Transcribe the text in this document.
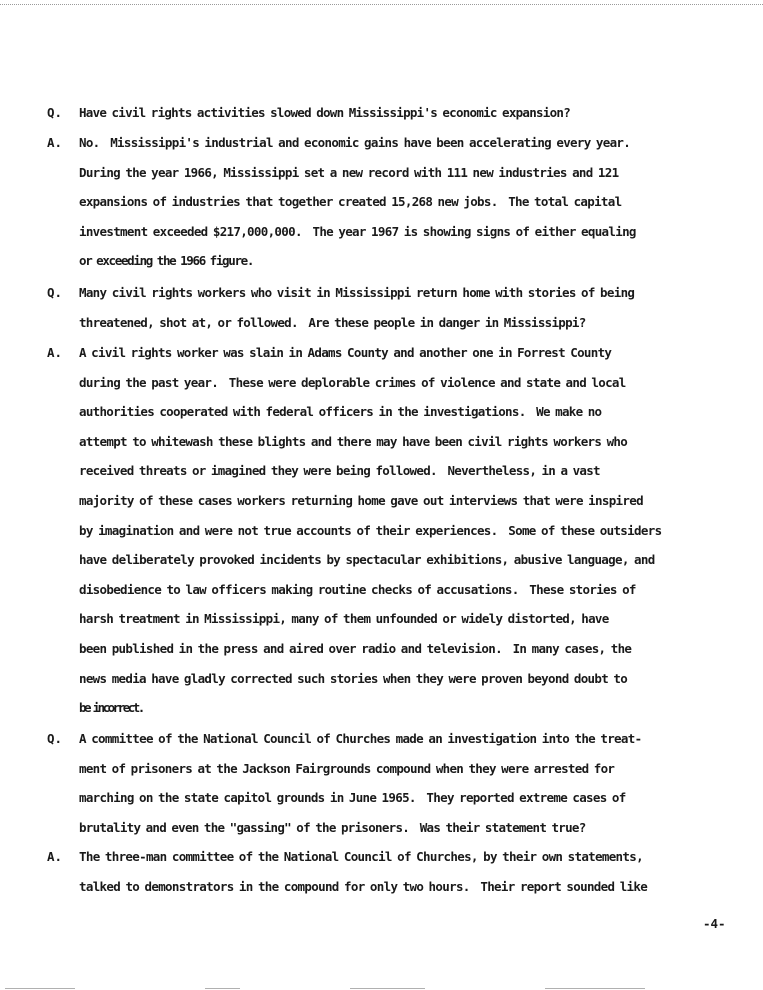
Q.	Have civil rights activities slowed down Mississippi's economic expansion?
A.	No.  Mississippi's industrial and economic gains have been accelerating every year.
During the year 1966, Mississippi set a new record with 111 new industries and 121
expansions of industries that together created 15,268 new jobs.  The total capital
investment exceeded $217,000,000.  The year 1967 is showing signs of either equaling
or exceeding the 1966 figure.
Q.	Many civil rights workers who visit in Mississippi return home with stories of being
threatened, shot at, or followed.  Are these people in danger in Mississippi?
A.	A civil rights worker was slain in Adams County and another one in Forrest County
during the past year.  These were deplorable crimes of violence and state and local
authorities cooperated with federal officers in the investigations.  We make no
attempt to whitewash these blights and there may have been civil rights workers who
received threats or imagined they were being followed.  Nevertheless, in a vast
majority of these cases workers returning home gave out interviews that were inspired
by imagination and were not true accounts of their experiences.  Some of these outsiders
have deliberately provoked incidents by spectacular exhibitions, abusive language, and
disobedience to law officers making routine checks of accusations.  These stories of
harsh treatment in Mississippi, many of them unfounded or widely distorted, have
been published in the press and aired over radio and television.  In many cases, the
news media have gladly corrected such stories when they were proven beyond doubt to
be incorrect.
Q.	A committee of the National Council of Churches made an investigation into the treat-
ment of prisoners at the Jackson Fairgrounds compound when they were arrested for
marching on the state capitol grounds in June 1965.  They reported extreme cases of
brutality and even the "gassing" of the prisoners.  Was their statement true?
A.	The three-man committee of the National Council of Churches, by their own statements,
talked to demonstrators in the compound for only two hours.  Their report sounded like
-4-
